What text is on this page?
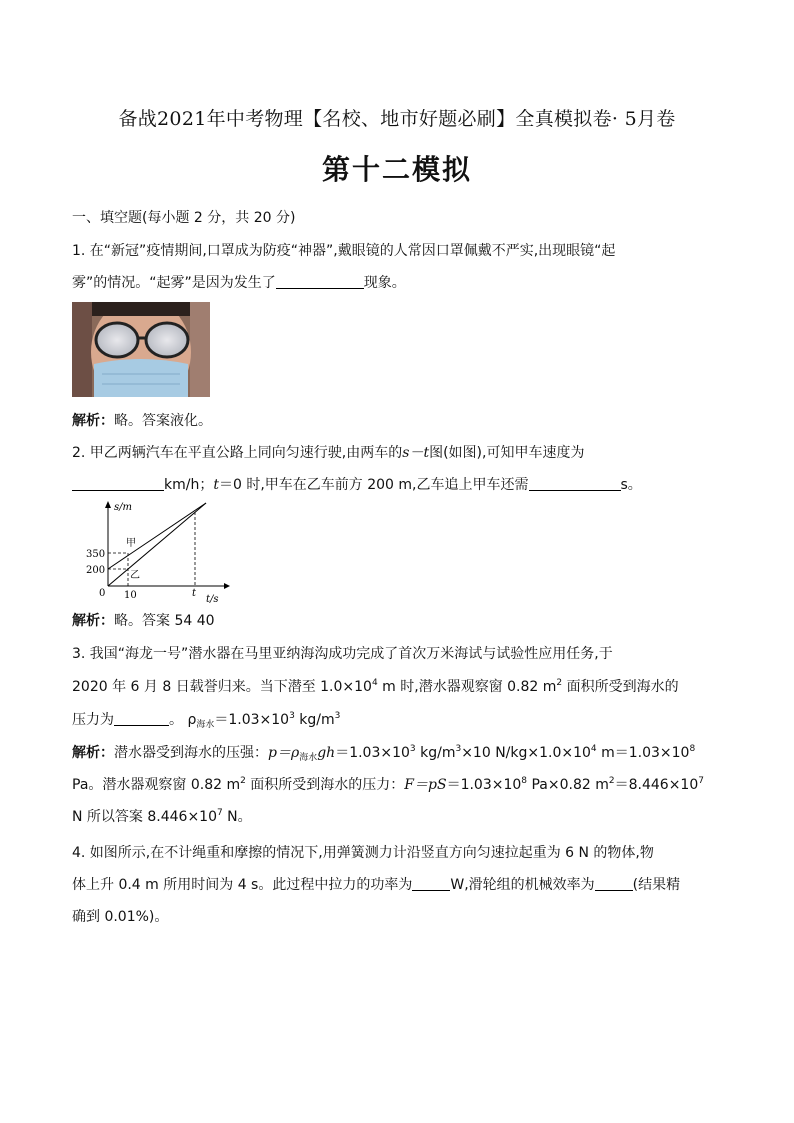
备战2021年中考物理【名校、地市好题必刷】全真模拟卷· 5月卷
第十二模拟
一、填空题(每小题 2 分，共 20 分)
1. 在“新冠”疫情期间,口罩成为防疫“神器”,戴眼镜的人常因口罩佩戴不严实,出现眼镜“起
雾”的情况。“起雾”是因为发生了	现象。
解析：略。答案液化。
2. 甲乙两辆汽车在平直公路上同向匀速行驶,由两车的s－t图(如图),可知甲车速度为
km/h；t＝0 时,甲车在乙车前方 200 m,乙车追上甲车还需	s。
s/m
t/s
0
350
200
10	t
甲
乙
解析：略。答案 54 40
3. 我国“海龙一号”潜水器在马里亚纳海沟成功完成了首次万米海试与试验性应用任务,于
2020 年 6 月 8 日载誉归来。当下潜至 $1.0\times 10^4$ m 时,潜水器观察窗 0.82 $m^2$ 面积所受到海水的
压力为	。 $\rho_{海水}=1.03\times 10^3$ $kg/m^3$
解析：潜水器受到海水的压强：$p=\rho_{海水}gh=1.03\times 10^3$ $kg/m^3\times 10$ $N/kg\times 1.0\times 10^4$ $m=1.03\times 10^8$
Pa。潜水器观察窗 0.82 $m^2$ 面积所受到海水的压力：$F=pS=1.03\times 10^8$ Pa×0.82 $m^2=8.446\times 10^7$
N 所以答案 $8.446\times 10^7$ N。
4. 如图所示,在不计绳重和摩擦的情况下,用弹簧测力计沿竖直方向匀速拉起重为 6 N 的物体,物
体上升 0.4 m 所用时间为 4 s。此过程中拉力的功率为	W,滑轮组的机械效率为	(结果精
确到 0.01%)。
